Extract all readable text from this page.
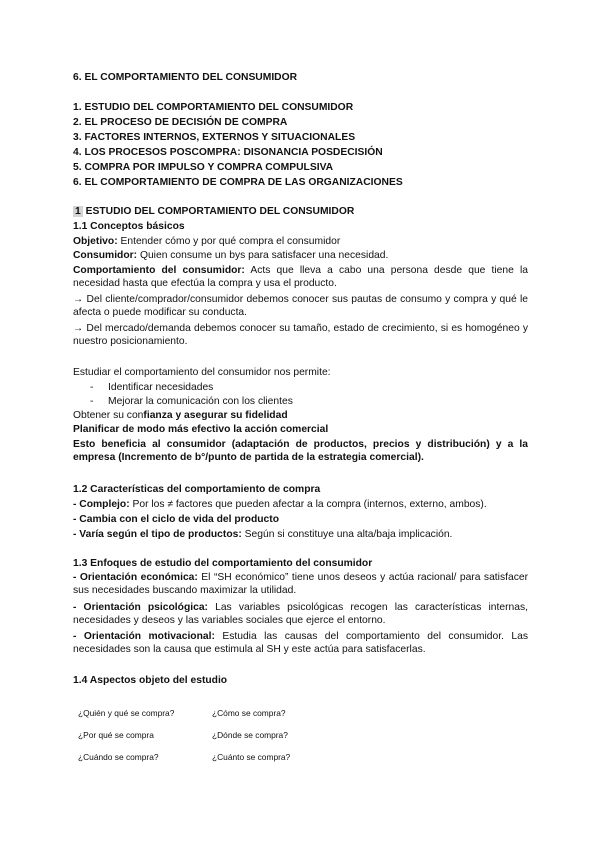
6. EL COMPORTAMIENTO DEL CONSUMIDOR
1. ESTUDIO DEL COMPORTAMIENTO DEL CONSUMIDOR
2. EL PROCESO DE DECISIÓN DE COMPRA
3. FACTORES INTERNOS, EXTERNOS Y SITUACIONALES
4. LOS PROCESOS POSCOMPRA: DISONANCIA POSDECISIÓN
5. COMPRA POR IMPULSO Y COMPRA COMPULSIVA
6. EL COMPORTAMIENTO DE COMPRA DE LAS ORGANIZACIONES
1 ESTUDIO DEL COMPORTAMIENTO DEL CONSUMIDOR
1.1 Conceptos básicos
Objetivo: Entender cómo y por qué compra el consumidor
Consumidor: Quien consume un bys para satisfacer una necesidad.
Comportamiento del consumidor: Acts que lleva a cabo una persona desde que tiene la necesidad hasta que efectúa la compra y usa el producto.
→ Del cliente/comprador/consumidor debemos conocer sus pautas de consumo y compra y qué le afecta o puede modificar su conducta.
→ Del mercado/demanda debemos conocer su tamaño, estado de crecimiento, si es homogéneo y nuestro posicionamiento.
Estudiar el comportamiento del consumidor nos permite:
- Identificar necesidades
- Mejorar la comunicación con los clientes
Obtener su confianza y asegurar su fidelidad
Planificar de modo más efectivo la acción comercial
Esto beneficia al consumidor (adaptación de productos, precios y distribución) y a la empresa (Incremento de b°/punto de partida de la estrategia comercial).
1.2 Características del comportamiento de compra
- Complejo: Por los ≠ factores que pueden afectar a la compra (internos, externo, ambos).
- Cambia con el ciclo de vida del producto
- Varía según el tipo de productos: Según si constituye una alta/baja implicación.
1.3 Enfoques de estudio del comportamiento del consumidor
- Orientación económica: El “SH económico” tiene unos deseos y actúa racional/ para satisfacer sus necesidades buscando maximizar la utilidad.
- Orientación psicológica: Las variables psicológicas recogen las características internas, necesidades y deseos y las variables sociales que ejerce el entorno.
- Orientación motivacional: Estudia las causas del comportamiento del consumidor. Las necesidades son la causa que estimula al SH y este actúa para satisfacerlas.
1.4 Aspectos objeto del estudio
¿Quién y qué se compra?
¿Por qué se compra
¿Cuándo se compra?
¿Cómo se compra?
¿Dónde se compra?
¿Cuánto se compra?
